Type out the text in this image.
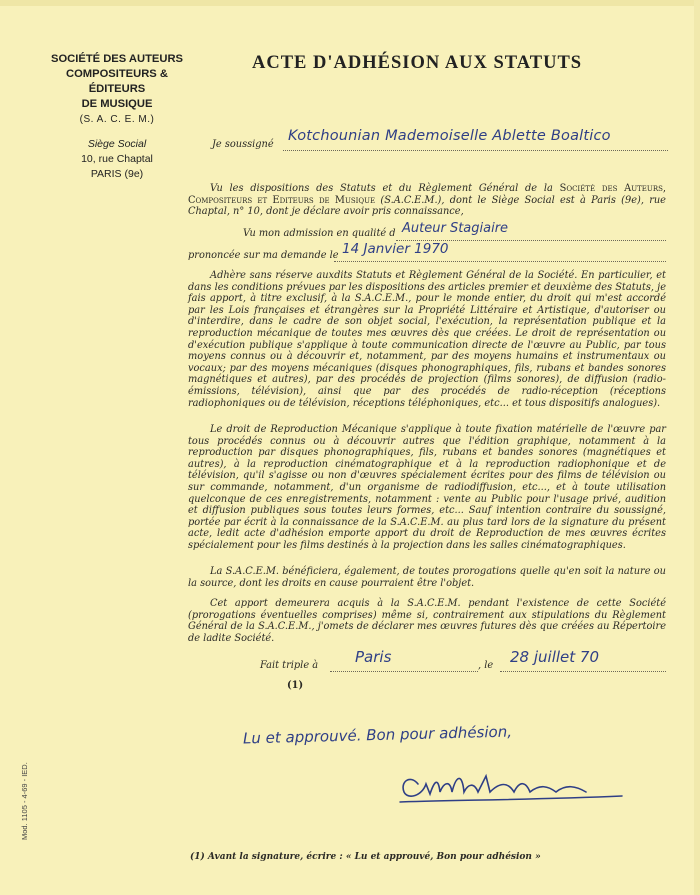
SOCIÉTÉ DES AUTEURS
COMPOSITEURS & ÉDITEURS
DE MUSIQUE
(S. A. C. E. M.)
Siège Social
10, rue Chaptal
PARIS (9e)
ACTE D'ADHÉSION AUX STATUTS
Je soussigné
Kotchounian Mademoiselle Ablette Boaltico
Vu les dispositions des Statuts et du Règlement Général de la Société des Auteurs, Compositeurs et Editeurs de Musique (S.A.C.E.M.), dont le Siège Social est à Paris (9e), rue Chaptal, n° 10, dont je déclare avoir pris connaissance,
Vu mon admission en qualité d Auteur Stagiaire
prononcée sur ma demande le 14 Janvier 1970
Adhère sans réserve auxdits Statuts et Règlement Général de la Société. En particulier, et dans les conditions prévues par les dispositions des articles premier et deuxième des Statuts, je fais apport, à titre exclusif, à la S.A.C.E.M., pour le monde entier, du droit qui m'est accordé par les Lois françaises et étrangères sur la Propriété Littéraire et Artistique, d'autoriser ou d'interdire, dans le cadre de son objet social, l'exécution, la représentation publique et la reproduction mécanique de toutes mes œuvres dès que créées. Le droit de représentation ou d'exécution publique s'applique à toute communication directe de l'œuvre au Public, par tous moyens connus ou à découvrir et, notamment, par des moyens humains et instrumentaux ou vocaux; par des moyens mécaniques (disques phonographiques, fils, rubans et bandes sonores magnétiques et autres), par des procédés de projection (films sonores), de diffusion (radio-émissions, télévision), ainsi que par des procédés de radio-réception (réceptions radiophoniques ou de télévision, réceptions téléphoniques, etc... et tous dispositifs analogues).
Le droit de Reproduction Mécanique s'applique à toute fixation matérielle de l'œuvre par tous procédés connus ou à découvrir autres que l'édition graphique, notamment à la reproduction par disques phonographiques, fils, rubans et bandes sonores (magnétiques et autres), à la reproduction cinématographique et à la reproduction radiophonique et de télévision, qu'il s'agisse ou non d'œuvres spécialement écrites pour des films de télévision ou sur commande, notamment, d'un organisme de radiodiffusion, etc..., et à toute utilisation quelconque de ces enregistrements, notamment : vente au Public pour l'usage privé, audition et diffusion publiques sous toutes leurs formes, etc... Sauf intention contraire du soussigné, portée par écrit à la connaissance de la S.A.C.E.M. au plus tard lors de la signature du présent acte, ledit acte d'adhésion emporte apport du droit de Reproduction de mes œuvres écrites spécialement pour les films destinés à la projection dans les salles cinématographiques.
La S.A.C.E.M. bénéficiera, également, de toutes prorogations quelle qu'en soit la nature ou la source, dont les droits en cause pourraient être l'objet.
Cet apport demeurera acquis à la S.A.C.E.M. pendant l'existence de cette Société (prorogations éventuelles comprises) même si, contrairement aux stipulations du Règlement Général de la S.A.C.E.M., j'omets de déclarer mes œuvres futures dès que créées au Répertoire de ladite Société.
Fait triple à Paris	, le 28 juillet 70
(1)
Lu et approuvé. Bon pour adhésion,
(1) Avant la signature, écrire : « Lu et approuvé, Bon pour adhésion »
Mod. 1105 - 4-69 - IED.
